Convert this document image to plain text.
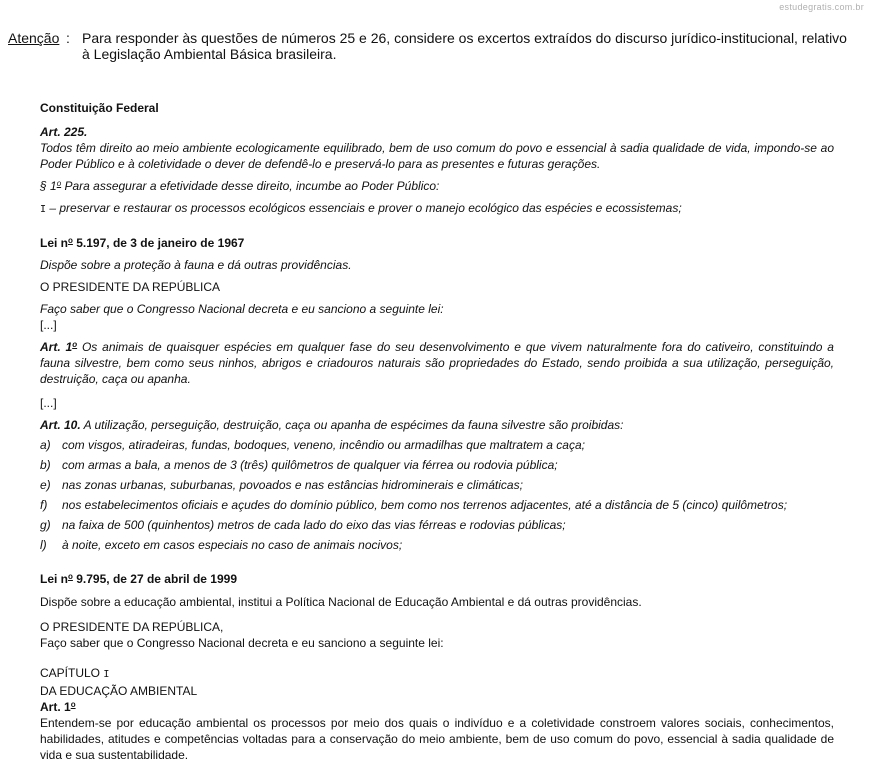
estudegratis.com.br
Atenção : Para responder às questões de números 25 e 26, considere os excertos extraídos do discurso jurídico-institucional, relativo à Legislação Ambiental Básica brasileira.

Constituição Federal

Art. 225.

Todos têm direito ao meio ambiente ecologicamente equilibrado, bem de uso comum do povo e essencial à sadia qualidade de vida, impondo-se ao Poder Público e à coletividade o dever de defendê-lo e preservá-lo para as presentes e futuras gerações.

§ 1$^o$ Para assegurar a efetividade desse direito, incumbe ao Poder Público:

I – preservar e restaurar os processos ecológicos essenciais e prover o manejo ecológico das espécies e ecossistemas;

Lei $n^o$ 5.197, de 3 de janeiro de 1967

Dispõe sobre a proteção à fauna e dá outras providências.

O PRESIDENTE DA REPÚBLICA

Faço saber que o Congresso Nacional decreta e eu sanciono a seguinte lei:

[...]

Art. 1$^o$ Os animais de quaisquer espécies em qualquer fase do seu desenvolvimento e que vivem naturalmente fora do cativeiro, constituindo a fauna silvestre, bem como seus ninhos, abrigos e criadouros naturais são propriedades do Estado, sendo proibida a sua utilização, perseguição, destruição, caça ou apanha.

[...]

Art. 10. A utilização, perseguição, destruição, caça ou apanha de espécimes da fauna silvestre são proibidas:

a) com visgos, atiradeiras, fundas, bodoques, veneno, incêndio ou armadilhas que maltratem a caça;
b) com armas a bala, a menos de 3 (três) quilômetros de qualquer via férrea ou rodovia pública;
e) nas zonas urbanas, suburbanas, povoados e nas estâncias hidrominerais e climáticas;
f)	nos estabelecimentos oficiais e açudes do domínio público, bem como nos terrenos adjacentes, até a distância de 5 (cinco) quilômetros;
g) na faixa de 500 (quinhentos) metros de cada lado do eixo das vias férreas e rodovias públicas;
l)	à noite, exceto em casos especiais no caso de animais nocivos;

Lei $n^o$ 9.795, de 27 de abril de 1999

Dispõe sobre a educação ambiental, institui a Política Nacional de Educação Ambiental e dá outras providências.

O PRESIDENTE DA REPÚBLICA,

Faço saber que o Congresso Nacional decreta e eu sanciono a seguinte lei:

CAPÍTULO I

DA EDUCAÇÃO AMBIENTAL

Art. 1$^o$

Entendem-se por educação ambiental os processos por meio dos quais o indivíduo e a coletividade constroem valores sociais, conhecimentos, habilidades, atitudes e competências voltadas para a conservação do meio ambiente, bem de uso comum do povo, essencial à sadia qualidade de vida e sua sustentabilidade.
